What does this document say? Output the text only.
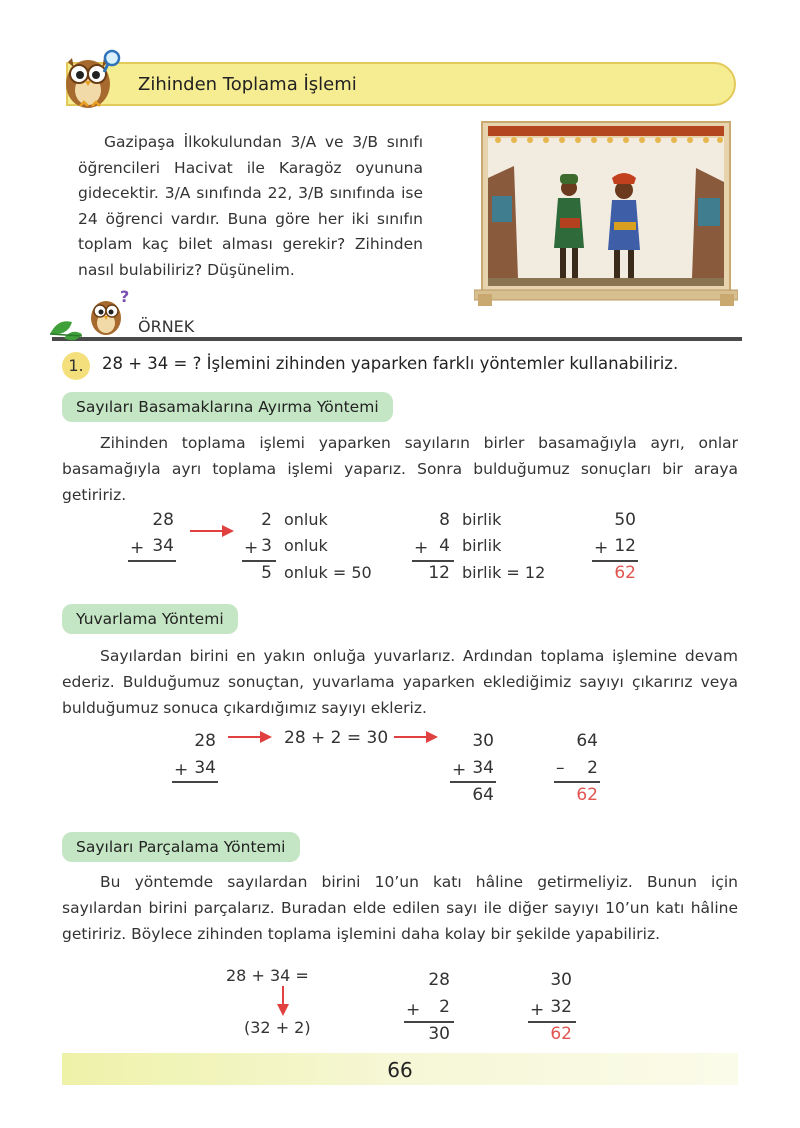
Zihinden Toplama İşlemi
Gazipaşa İlkokulundan 3/A ve 3/B sınıfı öğrencileri Hacivat ile Karagöz oyununa gidecektir. 3/A sınıfında 22, 3/B sınıfında ise 24 öğrenci vardır. Buna göre her iki sınıfın toplam kaç bilet alması gerekir? Zihinden nasıl bulabiliriz? Düşünelim.
?
ÖRNEK
1.	28 + 34 = ? İşlemini zihinden yaparken farklı yöntemler kullanabiliriz.
Sayıları Basamaklarına Ayırma Yöntemi
Zihinden toplama işlemi yaparken sayıların birler basamağıyla ayrı, onlar basamağıyla ayrı toplama işlemi yaparız. Sonra bulduğumuz sonuçları bir araya getiririz.
28
+ 34
2 onluk
+ 3 onluk
5 onluk = 50
8 birlik
+ 4 birlik
12 birlik = 12
50
+ 12
62
Yuvarlama Yöntemi
Sayılardan birini en yakın onluğa yuvarlarız. Ardından toplama işlemine devam ederiz. Bulduğumuz sonuçtan, yuvarlama yaparken eklediğimiz sayıyı çıkarırız veya bulduğumuz sonuca çıkardığımız sayıyı ekleriz.
28
+ 34
28 + 2 = 30	30
+ 34
64
64
–	2
62
Sayıları Parçalama Yöntemi
Bu yöntemde sayılardan birini 10’un katı hâline getirmeliyiz. Bunun için sayılardan birini parçalarız. Buradan elde edilen sayı ile diğer sayıyı 10’un katı hâline getiririz. Böylece zihinden toplama işlemini daha kolay bir şekilde yapabiliriz.
28 + 34 =
(32 + 2)
28
+	2
30
30
+ 32
62
66
